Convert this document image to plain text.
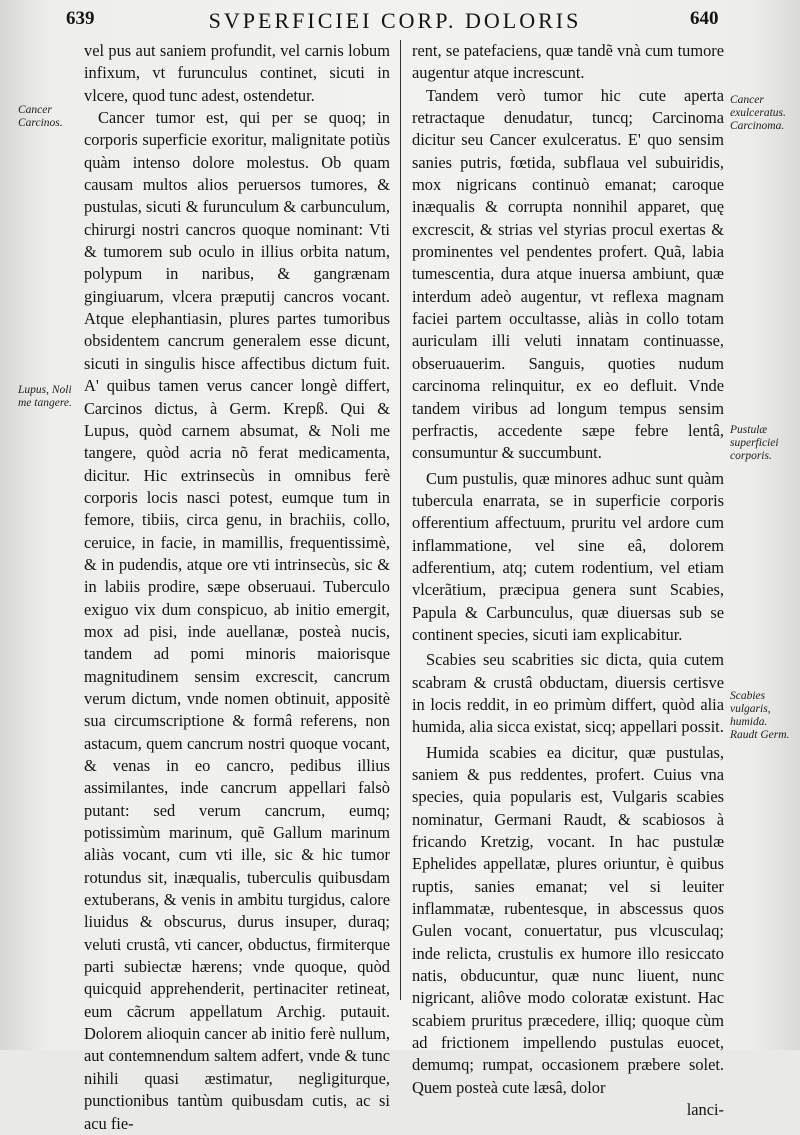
639	SVPERFICIEI CORP. DOLORIS	640
Cancer Carcinos.
Lupus, Noli me tangere.
Cancer exulceratus. Carcinoma.
Pustulæ superficiei corporis.
Scabies vulgaris, humida. Raudt Germ.

vel pus aut saniem profundit, vel carnis lobum infixum, vt furunculus continet, sicuti in vlcere, quod tunc adest, ostendetur.

Cancer tumor est, qui per se quoq; in corporis superficie exoritur, malignitate potiùs quàm intenso dolore molestus. Ob quam causam multos alios peruersos tumores, & pustulas, sicuti & furunculum & carbunculum, chirurgi nostri cancros quoque nominant: Vti & tumorem sub oculo in illius orbita natum, polypum in naribus, & gangrænam gingiuarum, vlcera præputij cancros vocant. Atque elephantiasin, plures partes tumoribus obsidentem cancrum generalem esse dicunt, sicuti in singulis hisce affectibus dictum fuit. A' quibus tamen verus cancer longè differt, Carcinos dictus, à Germ. Krepß. Qui & Lupus, quòd carnem absumat, & Noli me tangere, quòd acria nõ ferat medicamenta, dicitur. Hic extrinsecùs in omnibus ferè corporis locis nasci potest, eumque tum in femore, tibiis, circa genu, in brachiis, collo, ceruice, in facie, in mamillis, frequentissimè, & in pudendis, atque ore vti intrinsecùs, sic & in labiis prodire, sæpe obseruaui. Tuberculo exiguo vix dum conspicuo, ab initio emergit, mox ad pisi, inde auellanæ, posteà nucis, tandem ad pomi minoris maiorisque magnitudinem sensim excrescit, cancrum verum dictum, vnde nomen obtinuit, appositè sua circumscriptione & formâ referens, non astacum, quem cancrum nostri quoque vocant, & venas in eo cancro, pedibus illius assimilantes, inde cancrum appellari falsò putant: sed verum cancrum, eumq; potissimùm marinum, quẽ Gallum marinum aliàs vocant, cum vti ille, sic & hic tumor rotundus sit, inæqualis, tuberculis quibusdam extuberans, & venis in ambitu turgidus, calore liuidus & obscurus, durus insuper, duraq; veluti crustâ, vti cancer, obductus, firmiterque parti subiectæ hærens; vnde quoque, quòd quicquid apprehenderit, pertinaciter retineat, eum cãcrum appellatum Archig. putauit. Dolorem alioquin cancer ab initio ferè nullum, aut contemnendum saltem adfert, vnde & tunc nihili quasi æstimatur, negligiturque, punctionibus tantùm quibusdam cutis, ac si acu fie-

rent, se patefaciens, quæ tandẽ vnà cum tumore augentur atque increscunt.

Tandem verò tumor hic cute aperta retractaque denudatur, tuncq; Carcinoma dicitur seu Cancer exulceratus. E' quo sensim sanies putris, fœtida, subflaua vel subuiridis, mox nigricans continuò emanat; caroque inæqualis & corrupta nonnihil apparet, quę excrescit, & strias vel styrias procul exertas & prominentes vel pendentes profert. Quã, labia tumescentia, dura atque inuersa ambiunt, quæ interdum adeò augentur, vt reflexa magnam faciei partem occultasse, aliàs in collo totam auriculam illi veluti innatam continuasse, obseruauerim. Sanguis, quoties nudum carcinoma relinquitur, ex eo defluit. Vnde tandem viribus ad longum tempus sensim perfractis, accedente sæpe febre lentâ, consumuntur & succumbunt.

Cum pustulis, quæ minores adhuc sunt quàm tubercula enarrata, se in superficie corporis offerentium affectuum, pruritu vel ardore cum inflammatione, vel sine eâ, dolorem adferentium, atq; cutem rodentium, vel etiam vlcerãtium, præcipua genera sunt Scabies, Papula & Carbunculus, quæ diuersas sub se continent species, sicuti iam explicabitur.

Scabies seu scabrities sic dicta, quia cutem scabram & crustâ obductam, diuersis certisve in locis reddit, in eo primùm differt, quòd alia humida, alia sicca existat, sicq; appellari possit.

Humida scabies ea dicitur, quæ pustulas, saniem & pus reddentes, profert. Cuius vna species, quia popularis est, Vulgaris scabies nominatur, Germani Raudt, & scabiosos à fricando Kretzig, vocant. In hac pustulæ Ephelides appellatæ, plures oriuntur, è quibus ruptis, sanies emanat; vel si leuiter inflammatæ, rubentesque, in abscessus quos Gulen vocant, conuertatur, pus vlcusculaq; inde relicta, crustulis ex humore illo resiccato natis, obducuntur, quæ nunc liuent, nunc nigricant, aliôve modo coloratæ existunt. Hac scabiem pruritus præcedere, illiq; quoque cùm ad frictionem impellendo pustulas euocet, demumq; rumpat, occasionem præbere solet. Quem posteà cute læsâ, dolor

lanci-
